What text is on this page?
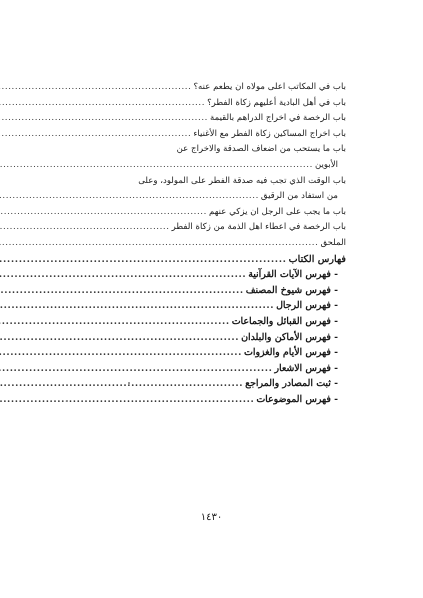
باب في المكاتب اعلى مولاه ان يطعم عنه؟
.....
باب في أهل البادية أعليهم زكاة الفطر؟
.....
باب الرخصة في اخراج الدراهم بالقيمة
.....
باب اخراج المساكين زكاة الفطر مع الأغنياء
.....
باب ما يستحب من اضعاف الصدقة والاخراج عن
الأبوين
.....
باب الوقت الذي تجب فيه صدقة الفطر على المولود، وعلى
من استفاد من الرقيق
.....
باب ما يجب على الرجل ان يزكي عنهم
.....
باب الرخصة في اعطاء اهل الذمة من زكاة الفطر
.....
الملحق
.....
فهارس الكتاب
.....
- فهرس الآيات القرآنية
.....
- فهرس شيوخ المصنف
.....
- فهرس الرجال
.....
- فهرس القبائل والجماعات
.....
- فهرس الأماكن والبلدان
.....
- فهرس الأيام والغزوات
.....
- فهرس الاشعار
.....
- ثبت المصادر والمراجع
.....
- فهرس الموضوعات
.....
١٤٣٠
